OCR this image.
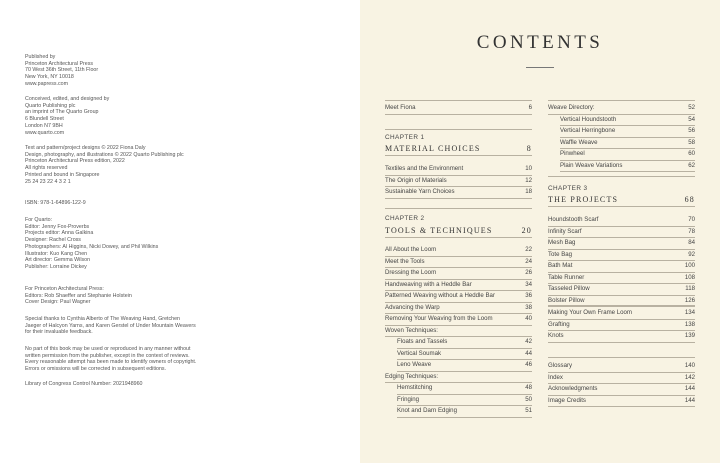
Published by
Princeton Architectural Press
70 West 36th Street, 11th Floor
New York, NY 10018
www.papress.com
Conceived, edited, and designed by
Quarto Publishing plc
an imprint of The Quarto Group
6 Blundell Street
London N7 9BH
www.quarto.com
Text and pattern/project designs © 2022 Fiona Daly
Design, photography, and illustrations © 2022 Quarto Publishing plc
Princeton Architectural Press edition, 2022
All rights reserved
Printed and bound in Singapore
25 24 23 22 4 3 2 1
ISBN: 978-1-64896-122-9
For Quarto:
Editor: Jenny Fox-Proverbs
Projects editor: Anna Galkina
Designer: Rachel Cross
Photographers: Al Higgins, Nicki Dowey, and Phil Wilkins
Illustrator: Kuo Kang Chen
Art director: Gemma Wilson
Publisher: Lorraine Dickey
For Princeton Architectural Press:
Editors: Rob Shaeffer and Stephanie Holstein
Cover Design: Paul Wagner
Special thanks to Cynthia Alberto of The Weaving Hand, Gretchen
Jaeger of Halcyon Yarns, and Karen Gerstel of Under Mountain Weavers
for their invaluable feedback.
No part of this book may be used or reproduced in any manner without
written permission from the publisher, except in the context of reviews.
Every reasonable attempt has been made to identify owners of copyright.
Errors or omissions will be corrected in subsequent editions.
Library of Congress Control Number: 2021948960
CONTENTS
Meet Fiona	6
CHAPTER 1
MATERIAL CHOICES	8
Textiles and the Environment	10
The Origin of Materials	12
Sustainable Yarn Choices	18
CHAPTER 2
TOOLS & TECHNIQUES	20
All About the Loom	22
Meet the Tools	24
Dressing the Loom	26
Handweaving with a Heddle Bar	34
Patterned Weaving without a Heddle Bar	36
Advancing the Warp	38
Removing Your Weaving from the Loom	40
Woven Techniques:
Floats and Tassels	42
Vertical Soumak	44
Leno Weave	46
Edging Techniques:
Hemstitching	48
Fringing	50
Knot and Darn Edging	51
Weave Directory:	52
Vertical Houndstooth	54
Vertical Herringbone	56
Waffle Weave	58
Pinwheel	60
Plain Weave Variations	62
CHAPTER 3
THE PROJECTS	68
Houndstooth Scarf	70
Infinity Scarf	78
Mesh Bag	84
Tote Bag	92
Bath Mat	100
Table Runner	108
Tasseled Pillow	118
Bolster Pillow	126
Making Your Own Frame Loom	134
Grafting	138
Knots	139
Glossary	140
Index	142
Acknowledgments	144
Image Credits	144
